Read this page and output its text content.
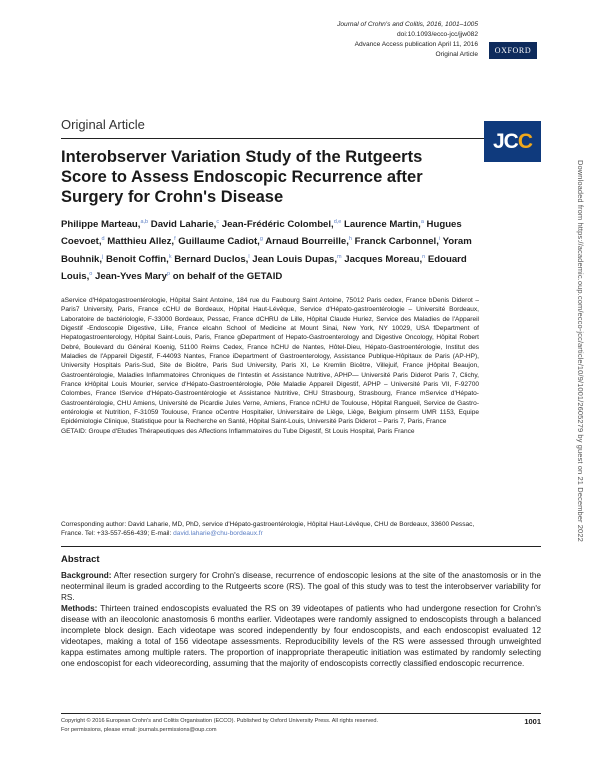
Journal of Crohn's and Colitis, 2016, 1001–1005
doi:10.1093/ecco-jcc/jjw082
Advance Access publication April 11, 2016
Original Article	OXFORD
Original Article
JC C
Interobserver Variation Study of the Rutgeerts Score to Assess Endoscopic Recurrence after Surgery for Crohn's Disease
Philippe Marteau,$^{a,b}$ David Laharie,$^c$ Jean-Frédéric Colombel,$^{d,e}$ Laurence Martin,$^a$ Hugues Coevoet,$^d$ Matthieu Allez,$^f$ Guillaume Cadiot,$^g$ Arnaud Bourreille,$^h$ Franck Carbonnel,$^i$ Yoram Bouhnik,$^j$ Benoit Coffin,$^k$ Bernard Duclos,$^l$ Jean Louis Dupas,$^m$ Jacques Moreau,$^n$ Edouard Louis,$^o$ Jean-Yves Mary$^p$ on behalf of the GETAID
aService d'Hépatogastroentérologie, Hôpital Saint Antoine, 184 rue du Faubourg Saint Antoine, 75012 Paris cedex, France bDenis Diderot – Paris7 University, Paris, France cCHU de Bordeaux, Hôpital Haut-Lévêque, Service d'Hépato-gastroentérologie – Université Bordeaux, Laboratoire de bactériologie, F-33000 Bordeaux, Pessac, France dCHRU de Lille, Hôpital Claude Huriez, Service des Maladies de l'Appareil Digestif -Endoscopie Digestive, Lille, France eIcahn School of Medicine at Mount Sinai, New York, NY 10029, USA fDepartment of Hepatogastroenterology, Hôpital Saint-Louis, Paris, France gDepartment of Hepato-Gastroenterology and Digestive Oncology, Hôpital Robert Debré, Boulevard du Général Koenig, 51100 Reims Cedex, France hCHU de Nantes, Hôtel-Dieu, Hépato-Gastroentérologie, Institut des Maladies de l'Appareil Digestif, F-44093 Nantes, France iDepartment of Gastroenterology, Assistance Publique-Hôpitaux de Paris (AP-HP), University Hospitals Paris-Sud, Site de Bicêtre, Paris Sud University, Paris XI, Le Kremlin Bicêtre, Villejuif, France jHôpital Beaujon, Gastroentérologie, Maladies Inflammatoires Chroniques de l'Intestin et Assistance Nutritive, APHP— Université Paris Diderot Paris 7, Clichy, France kHôpital Louis Mourier, service d'Hépato-Gastroentérologie, Pôle Maladie Appareil Digestif, APHP – Université Paris VII, F-92700 Colombes, France lService d'Hépato-Gastroentérologie et Assistance Nutritive, CHU Strasbourg, Strasbourg, France mService d'Hépato- Gastroentérologie, CHU Amiens, Université de Picardie Jules Verne, Amiens, France nCHU de Toulouse, Hôpital Rangueil, Service de Gastro-entérologie et Nutrition, F-31059 Toulouse, France oCentre Hospitalier, Universitaire de Liège, Liège, Belgium pInserm UMR 1153, Equipe Epidémiologie Clinique, Statistique pour la Recherche en Santé, Hôpital Saint-Louis, Université Paris Diderot – Paris 7, Paris, France
GETAID: Groupe d'Etudes Thérapeutiques des Affections Inflammatoires du Tube Digestif, St Louis Hospital, Paris France
Corresponding author: David Laharie, MD, PhD, service d'Hépato-gastroentérologie, Hôpital Haut-Lévêque, CHU de Bordeaux, 33600 Pessac, France. Tel: +33-557-656-439; E-mail: david.laharie@chu-bordeaux.fr
Abstract

Background: After resection surgery for Crohn's disease, recurrence of endoscopic lesions at the site of the anastomosis or in the neoterminal ileum is graded according to the Rutgeerts score (RS). The goal of this study was to test the interobserver variability for RS.

Methods: Thirteen trained endoscopists evaluated the RS on 39 videotapes of patients who had undergone resection for Crohn's disease with an ileocolonic anastomosis 6 months earlier. Videotapes were randomly assigned to endoscopists through a balanced incomplete block design. Each videotape was scored independently by four endoscopists, and each endoscopist evaluated 12 videotapes, making a total of 156 videotape assessments. Reproducibility levels of the RS were assessed through unweighted kappa estimates among multiple raters. The proportion of inappropriate therapeutic initiation was estimated by randomly selecting one endoscopist for each videorecording, assuming that the majority of endoscopists correctly classified endoscopic recurrence.

Copyright © 2016 European Crohn's and Colitis Organisation (ECCO). Published by Oxford University Press. All rights reserved.
For permissions, please email: journals.permissions@oup.com
1001
Downloaded from https://academic.oup.com/ecco-jcc/article/10/9/1001/2605279 by guest on 21 December 2022
